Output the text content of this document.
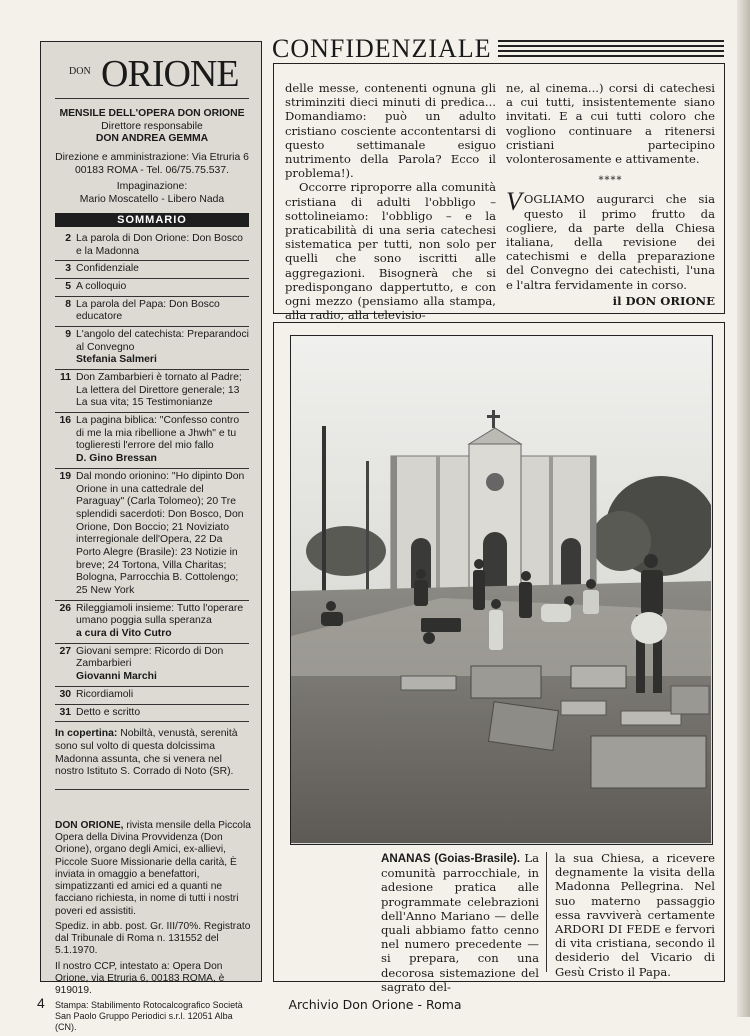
DON ORIONE
MENSILE DELL'OPERA DON ORIONE
Direttore responsabile
DON ANDREA GEMMA
Direzione e amministrazione: Via Etruria 6
00183 ROMA - Tel. 06/75.75.537.
Impaginazione:
Mario Moscatello - Libero Nada
SOMMARIO
2 La parola di Don Orione: Don Bosco e la Madonna
3 Confidenziale
5 A colloquio
8 La parola del Papa: Don Bosco educatore
9 L'angolo del catechista: Preparandoci al Convegno
Stefania Salmeri
11 Don Zambarbieri è tornato al Padre; La lettera del Direttore generale; 13 La sua vita; 15 Testimonianze
16 La pagina biblica: "Confesso contro di me la mia ribellione a Jhwh" e tu toglieresti l'errore del mio fallo
D. Gino Bressan
19 Dal mondo orionino: "Ho dipinto Don Orione in una cattedrale del Paraguay" (Carla Tolomeo); 20 Tre splendidi sacerdoti: Don Bosco, Don Orione, Don Boccio; 21 Noviziato interregionale dell'Opera, 22 Da Porto Alegre (Brasile): 23 Notizie in breve; 24 Tortona, Villa Charitas; Bologna, Parrocchia B. Cottolengo; 25 New York
26 Rileggiamoli insieme: Tutto l'operare umano poggia sulla speranza
a cura di Vito Cutro
27 Giovani sempre: Ricordo di Don Zambarbieri
Giovanni Marchi
30 Ricordiamoli
31 Detto e scritto
In copertina: Nobiltà, venustà, serenità sono sul volto di questa dolcissima Madonna assunta, che si venera nel nostro Istituto S. Corrado di Noto (SR).

DON ORIONE, rivista mensile della Piccola Opera della Divina Provvidenza (Don Orione), organo degli Amici, ex-allievi, Piccole Suore Missionarie della carità, È inviata in omaggio a benefattori, simpatizzanti ed amici ed a quanti ne facciano richiesta, in nome di tutti i nostri poveri ed assistiti.

Spediz. in abb. post. Gr. III/70%. Registrato dal Tribunale di Roma n. 131552 del 5.1.1970.

Il nostro CCP, intestato a: Opera Don Orione, via Etruria 6, 00183 ROMA, è 919019.

Stampa: Stabilimento Rotocalcografico Società San Paolo Gruppo Periodici s.r.l. 12051 Alba (CN).

CONFIDENZIALE

delle messe, contenenti ognuna gli striminziti dieci minuti di predica... Domandiamo: può un adulto cristiano cosciente accontentarsi di questo settimanale esiguo nutrimento della Parola? Ecco il problema!).

Occorre riproporre alla comunità cristiana di adulti l'obbligo – sottolineiamo: l'obbligo – e la praticabilità di una seria catechesi sistematica per tutti, non solo per quelli che sono iscritti alle aggregazioni. Bisognerà che si predispongano dappertutto, e con ogni mezzo (pensiamo alla stampa, alla radio, alla televisio-

ne, al cinema...) corsi di catechesi a cui tutti, insistentemente siano invitati. E a cui tutti coloro che vogliono continuare a ritenersi cristiani partecipino volonterosamente e attivamente.

****

VOGLIAMO augurarci che sia questo il primo frutto da cogliere, da parte della Chiesa italiana, della revisione dei catechismi e della preparazione del Convegno dei catechisti, l'una e l'altra fervidamente in corso.

il DON ORIONE

ANANAS (Goias-Brasile). La comunità parrocchiale, in adesione pratica alle programmate celebrazioni dell'Anno Mariano — delle quali abbiamo fatto cenno nel numero precedente — si prepara, con una decorosa sistemazione del sagrato del-

la sua Chiesa, a ricevere degnamente la visita della Madonna Pellegrina. Nel suo materno passaggio essa ravviverà certamente ARDORI DI FEDE e fervori di vita cristiana, secondo il desiderio del Vicario di Gesù Cristo il Papa.

4	Archivio Don Orione - Roma
